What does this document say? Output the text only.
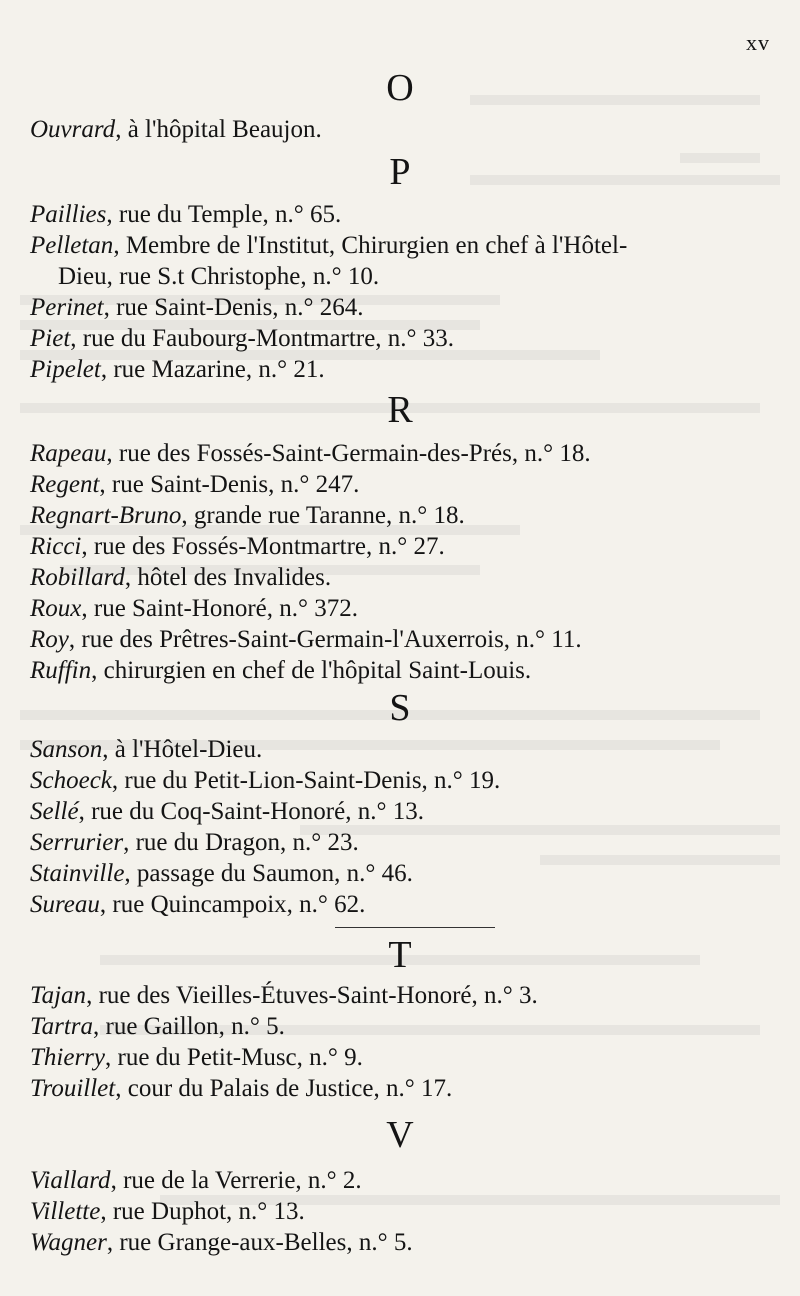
xv

O

Ouvrard, à l'hôpital Beaujon.

P

Paillies, rue du Temple, n.° 65.

Pelletan, Membre de l'Institut, Chirurgien en chef à l'Hôtel-

Dieu, rue S.t Christophe, n.° 10.

Perinet, rue Saint-Denis, n.° 264.

Piet, rue du Faubourg-Montmartre, n.° 33.

Pipelet, rue Mazarine, n.° 21.

R

Rapeau, rue des Fossés-Saint-Germain-des-Prés, n.° 18.

Regent, rue Saint-Denis, n.° 247.

Regnart-Bruno, grande rue Taranne, n.° 18.

Ricci, rue des Fossés-Montmartre, n.° 27.

Robillard, hôtel des Invalides.

Roux, rue Saint-Honoré, n.° 372.

Roy, rue des Prêtres-Saint-Germain-l'Auxerrois, n.° 11.

Ruffin, chirurgien en chef de l'hôpital Saint-Louis.

S

Sanson, à l'Hôtel-Dieu.

Schoeck, rue du Petit-Lion-Saint-Denis, n.° 19.

Sellé, rue du Coq-Saint-Honoré, n.° 13.

Serrurier, rue du Dragon, n.° 23.

Stainville, passage du Saumon, n.° 46.

Sureau, rue Quincampoix, n.° 62.

T

Tajan, rue des Vieilles-Étuves-Saint-Honoré, n.° 3.

Tartra, rue Gaillon, n.° 5.

Thierry, rue du Petit-Musc, n.° 9.

Trouillet, cour du Palais de Justice, n.° 17.

V

Viallard, rue de la Verrerie, n.° 2.

Villette, rue Duphot, n.° 13.

Wagner, rue Grange-aux-Belles, n.° 5.
